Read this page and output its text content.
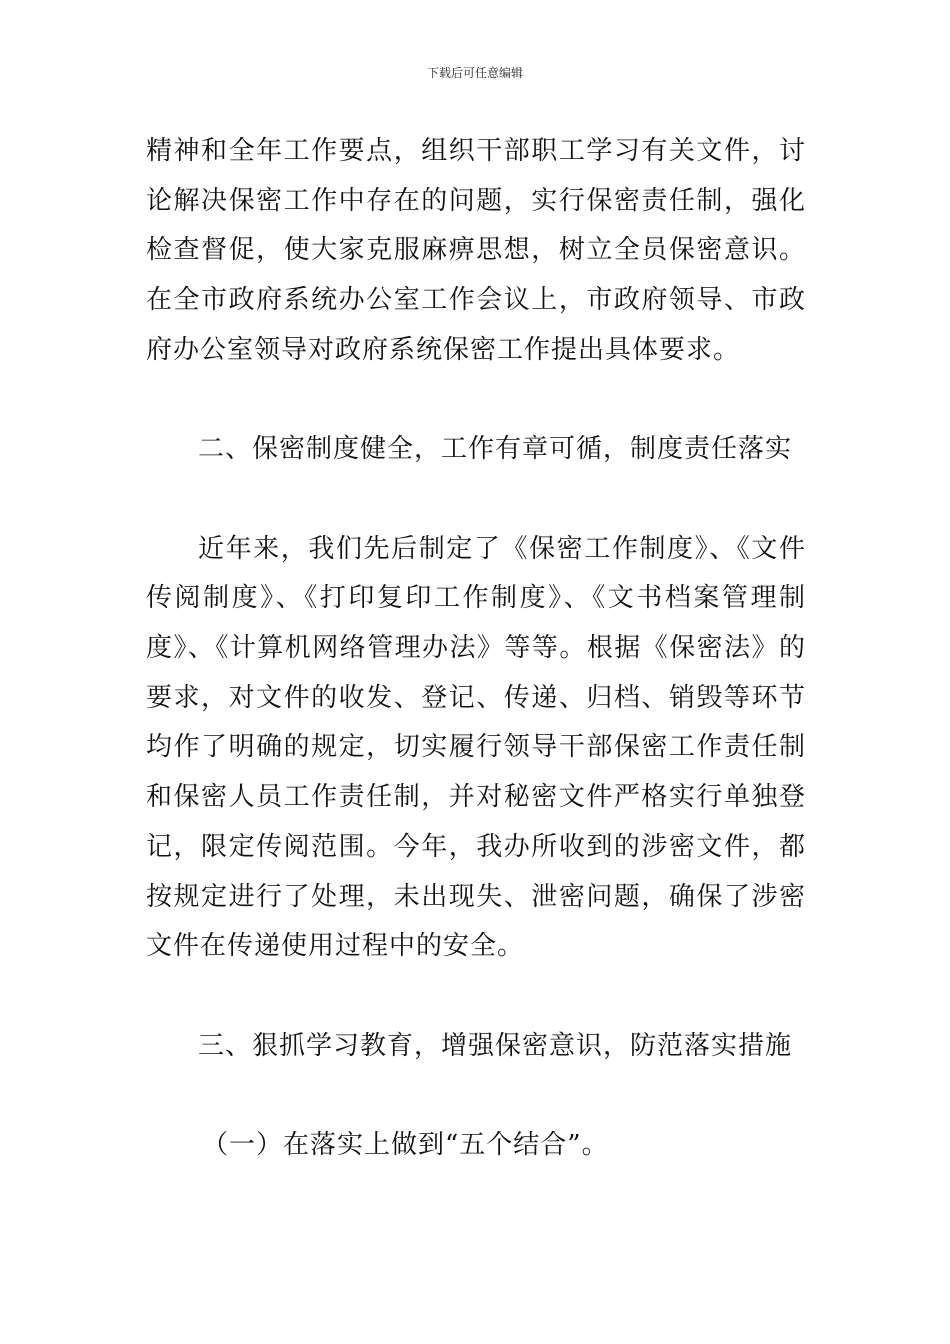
下载后可任意编辑

精神和全年工作要点，组织干部职工学习有关文件，讨论解决保密工作中存在的问题，实行保密责任制，强化检查督促，使大家克服麻痹思想，树立全员保密意识。在全市政府系统办公室工作会议上，市政府领导、市政府办公室领导对政府系统保密工作提出具体要求。

二、保密制度健全，工作有章可循，制度责任落实

近年来，我们先后制定了《保密工作制度》、《文件传阅制度》、《打印复印工作制度》、《文书档案管理制度》、《计算机网络管理办法》等等。根据《保密法》的要求，对文件的收发、登记、传递、归档、销毁等环节均作了明确的规定，切实履行领导干部保密工作责任制和保密人员工作责任制，并对秘密文件严格实行单独登记，限定传阅范围。今年，我办所收到的涉密文件，都按规定进行了处理，未出现失、泄密问题，确保了涉密文件在传递使用过程中的安全。

三、狠抓学习教育，增强保密意识，防范落实措施

（一）在落实上做到“五个结合”。
